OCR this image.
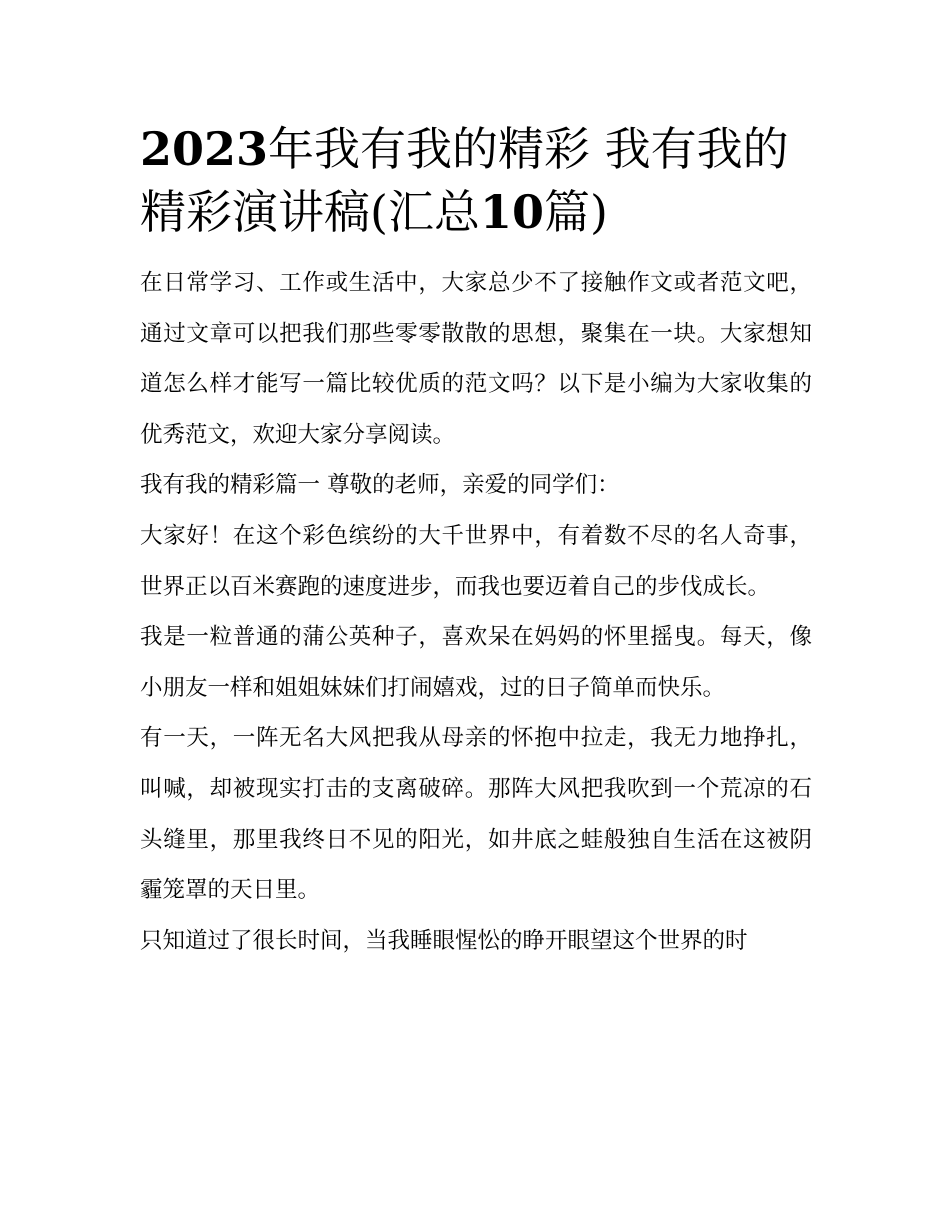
2023年我有我的精彩 我有我的精彩演讲稿(汇总10篇)

在日常学习、工作或生活中，大家总少不了接触作文或者范文吧，通过文章可以把我们那些零零散散的思想，聚集在一块。大家想知道怎么样才能写一篇比较优质的范文吗？以下是小编为大家收集的优秀范文，欢迎大家分享阅读。

我有我的精彩篇一 尊敬的老师，亲爱的同学们：

大家好！在这个彩色缤纷的大千世界中，有着数不尽的名人奇事，世界正以百米赛跑的速度进步，而我也要迈着自己的步伐成长。

我是一粒普通的蒲公英种子，喜欢呆在妈妈的怀里摇曳。每天，像小朋友一样和姐姐妹妹们打闹嬉戏，过的日子简单而快乐。

有一天，一阵无名大风把我从母亲的怀抱中拉走，我无力地挣扎，叫喊，却被现实打击的支离破碎。那阵大风把我吹到一个荒凉的石头缝里，那里我终日不见的阳光，如井底之蛙般独自生活在这被阴霾笼罩的天日里。

只知道过了很长时间，当我睡眼惺忪的睁开眼望这个世界的时
